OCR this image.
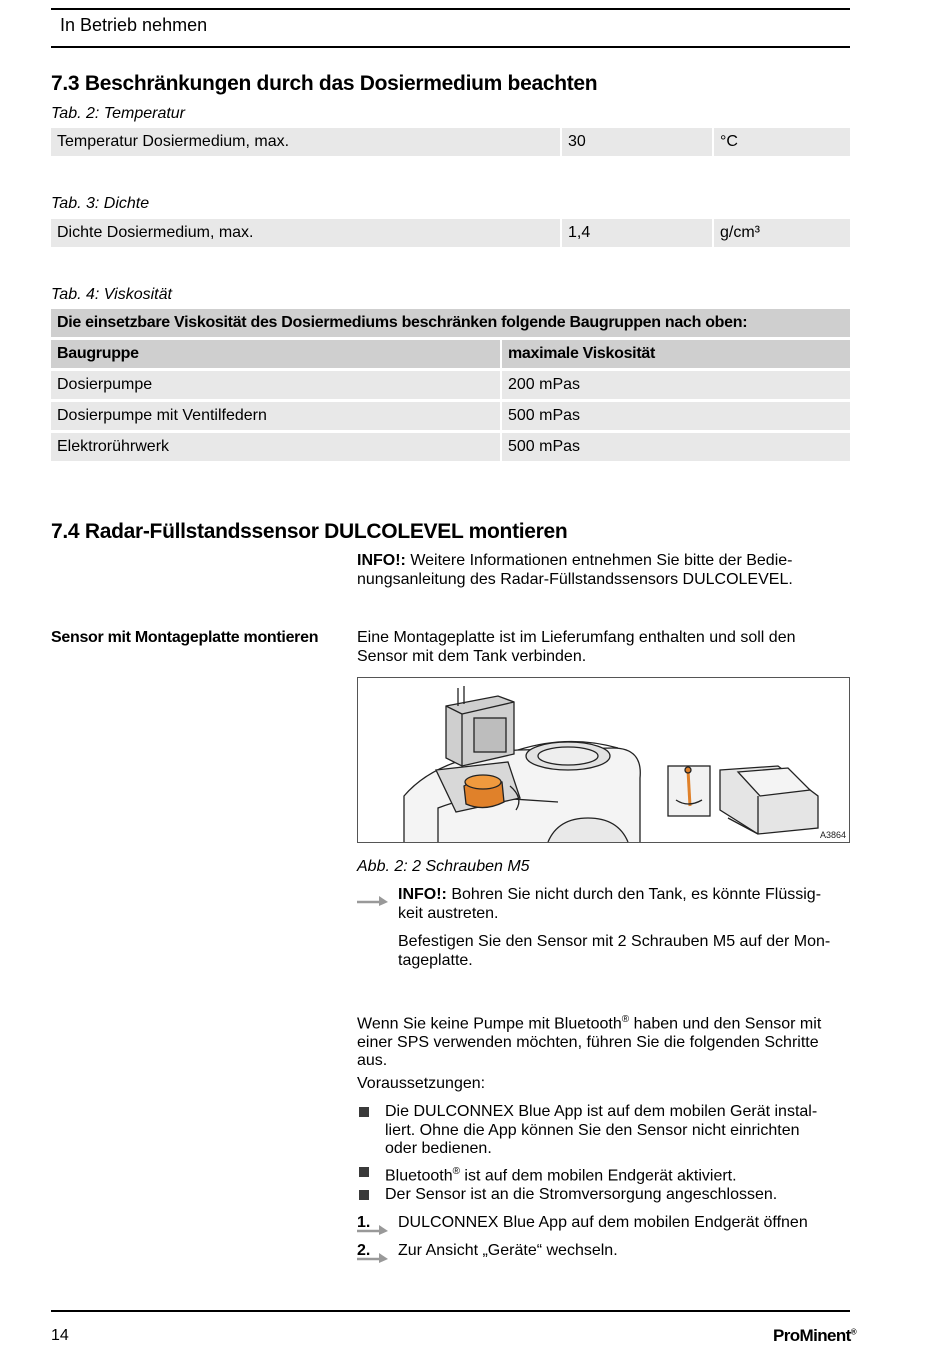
In Betrieb nehmen
7.3 Beschränkungen durch das Dosiermedium beachten
Tab. 2: Temperatur
Temperatur Dosiermedium, max.	30	°C
Tab. 3: Dichte
Dichte Dosiermedium, max.	1,4	g/cm³
Tab. 4: Viskosität
Die einsetzbare Viskosität des Dosiermediums beschränken folgende Baugruppen nach oben:
Baugruppe	maximale Viskosität
Dosierpumpe	200 mPas
Dosierpumpe mit Ventilfedern	500 mPas
Elektrorührwerk	500 mPas
7.4 Radar-Füllstandssensor DULCOLEVEL montieren
INFO!: Weitere Informationen entnehmen Sie bitte der Bedie-
nungsanleitung des Radar-Füllstandssensors DULCOLEVEL.
Sensor mit Montageplatte montieren Eine Montageplatte ist im Lieferumfang enthalten und soll den
Sensor mit dem Tank verbinden.
A3864
Abb. 2: 2 Schrauben M5
INFO!: Bohren Sie nicht durch den Tank, es könnte Flüssig-
keit austreten.
Befestigen Sie den Sensor mit 2 Schrauben M5 auf der Mon-
tageplatte.
Wenn Sie keine Pumpe mit Bluetooth® haben und den Sensor mit
einer SPS verwenden möchten, führen Sie die folgenden Schritte
aus.
Voraussetzungen:
Die DULCONNEX Blue App ist auf dem mobilen Gerät instal-
liert. Ohne die App können Sie den Sensor nicht einrichten
oder bedienen.
Bluetooth® ist auf dem mobilen Endgerät aktiviert.
Der Sensor ist an die Stromversorgung angeschlossen.
1. DULCONNEX Blue App auf dem mobilen Endgerät öffnen
2. Zur Ansicht „Geräte“ wechseln.
14	ProMinent®
